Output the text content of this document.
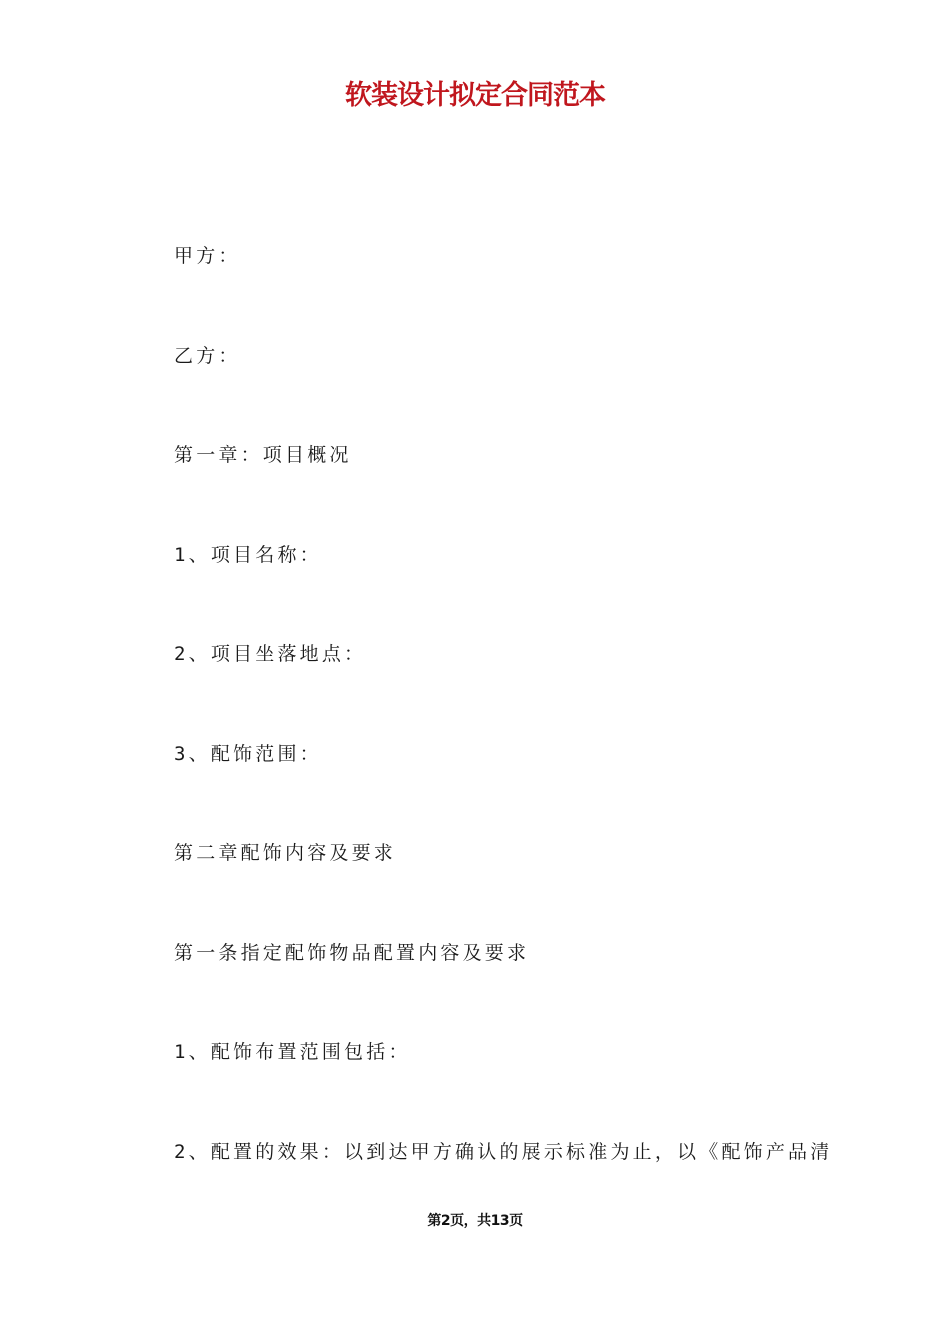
软装设计拟定合同范本
甲方：
乙方：
第一章：项目概况
1、项目名称：
2、项目坐落地点：
3、配饰范围：
第二章配饰内容及要求
第一条指定配饰物品配置内容及要求
1、配饰布置范围包括：
2、配置的效果：以到达甲方确认的展示标准为止，以《配饰产品清
第2页，共13页
